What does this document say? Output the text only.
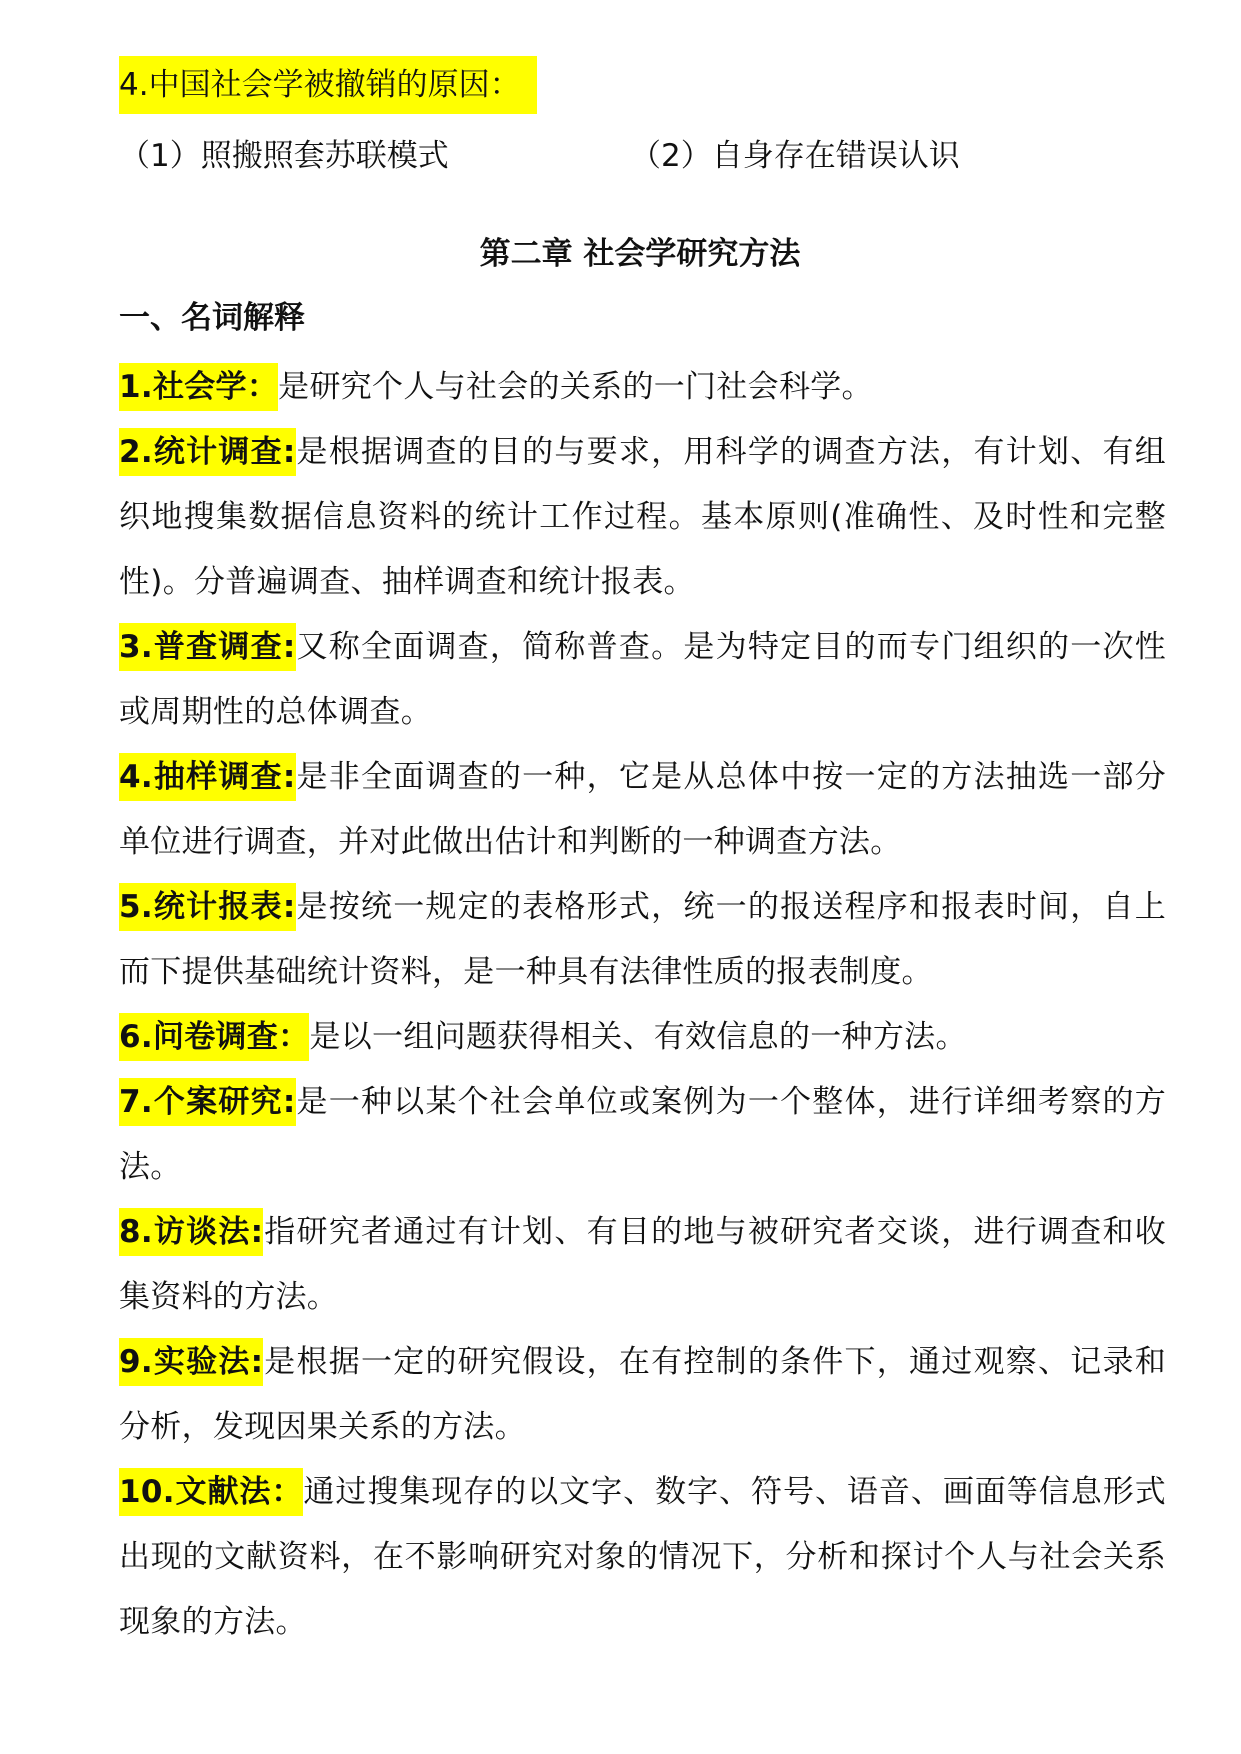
4.中国社会学被撤销的原因：
（1）照搬照套苏联模式	（2）自身存在错误认识
第二章 社会学研究方法
一、名词解释
1.社会学：是研究个人与社会的关系的一门社会科学。
2.统计调查:是根据调查的目的与要求，用科学的调查方法，有计划、有组织地搜集数据信息资料的统计工作过程。基本原则(准确性、及时性和完整性)。分普遍调查、抽样调查和统计报表。
3.普查调查:又称全面调查，简称普查。是为特定目的而专门组织的一次性或周期性的总体调查。
4.抽样调查:是非全面调查的一种，它是从总体中按一定的方法抽选一部分单位进行调查，并对此做出估计和判断的一种调查方法。
5.统计报表:是按统一规定的表格形式，统一的报送程序和报表时间，自上而下提供基础统计资料，是一种具有法律性质的报表制度。
6.问卷调查：是以一组问题获得相关、有效信息的一种方法。
7.个案研究:是一种以某个社会单位或案例为一个整体，进行详细考察的方法。
8.访谈法:指研究者通过有计划、有目的地与被研究者交谈，进行调查和收集资料的方法。
9.实验法:是根据一定的研究假设，在有控制的条件下，通过观察、记录和分析，发现因果关系的方法。
10.文献法：通过搜集现存的以文字、数字、符号、语音、画面等信息形式出现的文献资料，在不影响研究对象的情况下，分析和探讨个人与社会关系现象的方法。
